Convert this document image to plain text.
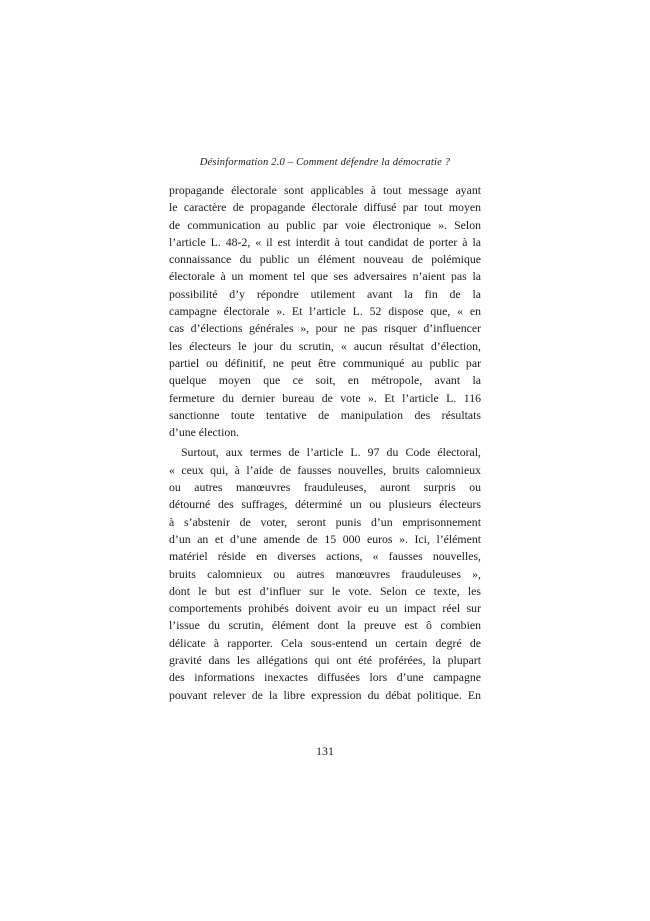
Désinformation 2.0 – Comment défendre la démocratie ?
propagande électorale sont applicables à tout message ayant
le caractère de propagande électorale diffusé par tout moyen
de communication au public par voie électronique ». Selon
l’article L. 48-2, « il est interdit à tout candidat de porter à la
connaissance du public un élément nouveau de polémique
électorale à un moment tel que ses adversaires n’aient pas la
possibilité d’y répondre utilement avant la fin de la
campagne électorale ». Et l’article L. 52 dispose que, « en
cas d’élections générales », pour ne pas risquer d’influencer
les électeurs le jour du scrutin, « aucun résultat d’élection,
partiel ou définitif, ne peut être communiqué au public par
quelque moyen que ce soit, en métropole, avant la
fermeture du dernier bureau de vote ». Et l’article L. 116
sanctionne toute tentative de manipulation des résultats
d’une élection.
Surtout, aux termes de l’article L. 97 du Code électoral,
« ceux qui, à l’aide de fausses nouvelles, bruits calomnieux
ou autres manœuvres frauduleuses, auront surpris ou
détourné des suffrages, déterminé un ou plusieurs électeurs
à s’abstenir de voter, seront punis d’un emprisonnement
d’un an et d’une amende de 15 000 euros ». Ici, l’élément
matériel réside en diverses actions, « fausses nouvelles,
bruits calomnieux ou autres manœuvres frauduleuses »,
dont le but est d’influer sur le vote. Selon ce texte, les
comportements prohibés doivent avoir eu un impact réel sur
l’issue du scrutin, élément dont la preuve est ô combien
délicate à rapporter. Cela sous-entend un certain degré de
gravité dans les allégations qui ont été proférées, la plupart
des informations inexactes diffusées lors d’une campagne
pouvant relever de la libre expression du débat politique. En
131
